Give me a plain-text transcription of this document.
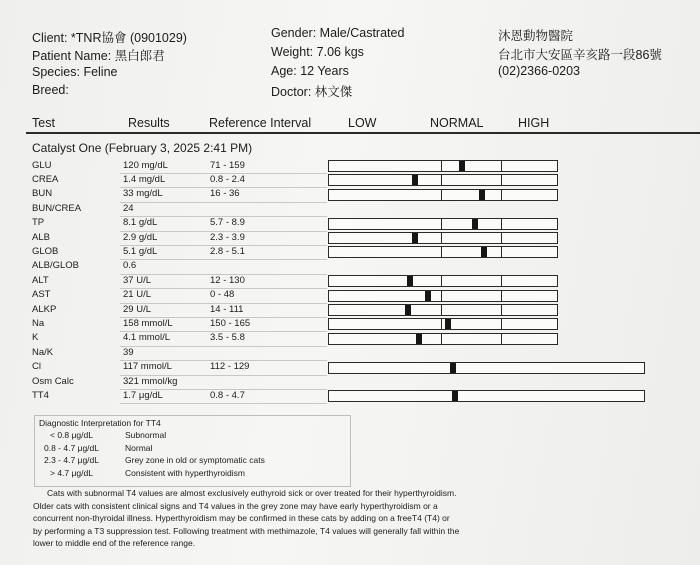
Client: *TNR協會 (0901029)
Patient Name: 黑白郎君
Species: Feline
Breed:
Gender: Male/Castrated
Weight: 7.06 kgs
Age: 12 Years
Doctor: 林文傑
沐恩動物醫院
台北市大安區辛亥路一段86號
(02)2366-0203
Test	Results	Reference Interval	LOW	NORMAL	HIGH
Catalyst One (February 3, 2025 2:41 PM)
GLU	120 mg/dL	71 - 159
CREA	1.4 mg/dL	0.8 - 2.4
BUN	33 mg/dL	16 - 36
BUN/CREA	24
TP	8.1 g/dL	5.7 - 8.9
ALB	2.9 g/dL	2.3 - 3.9
GLOB	5.1 g/dL	2.8 - 5.1
ALB/GLOB	0.6
ALT	37 U/L	12 - 130
AST	21 U/L	0 - 48
ALKP	29 U/L	14 - 111
Na	158 mmol/L	150 - 165
K	4.1 mmol/L	3.5 - 5.8
Na/K	39
Cl	117 mmol/L	112 - 129
Osm Calc	321 mmol/kg
TT4	1.7 μg/dL	0.8 - 4.7
Diagnostic Interpretation for TT4
< 0.8 μg/dL	Subnormal
0.8 - 4.7 μg/dL	Normal
2.3 - 4.7 μg/dL	Grey zone in old or symptomatic cats
> 4.7 μg/dL	Consistent with hyperthyroidism
Cats with subnormal T4 values are almost exclusively euthyroid sick or over treated for their hyperthyroidism.
Older cats with consistent clinical signs and T4 values in the grey zone may have early hyperthyroidism or a
concurrent non-thyroidal illness. Hyperthyroidism may be confirmed in these cats by adding on a freeT4 (T4) or
by performing a T3 suppression test. Following treatment with methimazole, T4 values will generally fall within the
lower to middle end of the reference range.
